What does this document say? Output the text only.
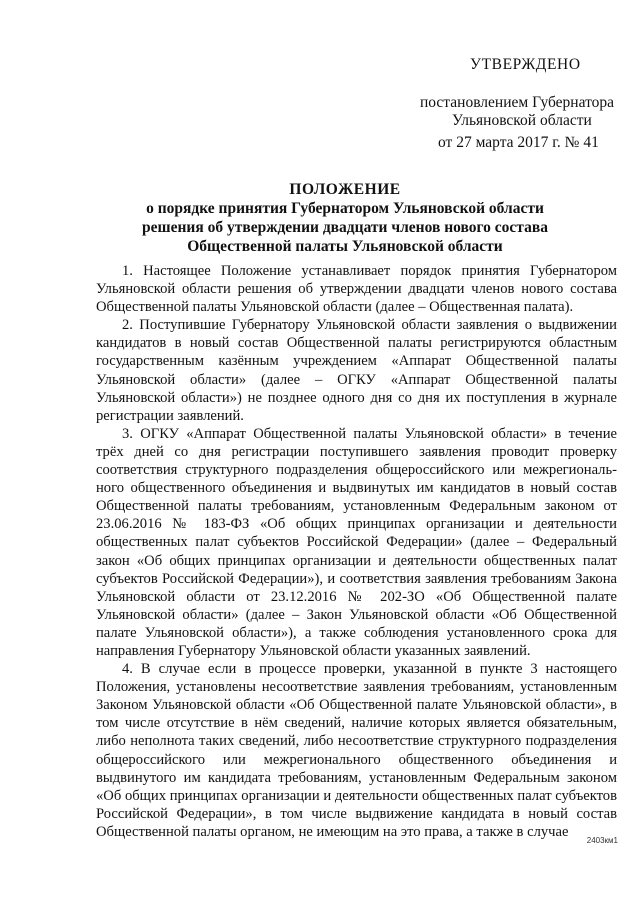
УТВЕРЖДЕНО
постановлением Губернатора
Ульяновской области
от 27 марта 2017 г. № 41

ПОЛОЖЕНИЕ

о порядке принятия Губернатором Ульяновской области

решения об утверждении двадцати членов нового состава

Общественной палаты Ульяновской области

1. Настоящее Положение устанавливает порядок принятия Губернатором Ульяновской области решения об утверждении двадцати членов нового состава Общественной палаты Ульяновской области (далее – Общественная палата).

2. Поступившие Губернатору Ульяновской области заявления о выдвижении кандидатов в новый состав Общественной палаты регистрируются областным государственным казённым учреждением «Аппарат Общественной палаты Ульяновской области» (далее – ОГКУ «Аппарат Общественной палаты Ульяновской области») не позднее одного дня со дня их поступления в журнале регистрации заявлений.

3. ОГКУ «Аппарат Общественной палаты Ульяновской области» в течение трёх дней со дня регистрации поступившего заявления проводит проверку соответствия структурного подразделения общероссийского или межрегионального общественного объединения и выдвинутых им кандидатов в новый состав Общественной палаты требованиям, установленным Федеральным законом от 23.06.2016 № 183-ФЗ «Об общих принципах организации и деятельности общественных палат субъектов Российской Федерации» (далее – Федеральный закон «Об общих принципах организации и деятельности общественных палат субъектов Российской Федерации»), и соответствия заявления требованиям Закона Ульяновской области от 23.12.2016 № 202-ЗО «Об Общественной палате Ульяновской области» (далее – Закон Ульяновской области «Об Общественной палате Ульяновской области»), а также соблюдения установленного срока для направления Губернатору Ульяновской области указанных заявлений.

4. В случае если в процессе проверки, указанной в пункте 3 настоящего Положения, установлены несоответствие заявления требованиям, установленным Законом Ульяновской области «Об Общественной палате Ульяновской области», в том числе отсутствие в нём сведений, наличие которых является обязательным, либо неполнота таких сведений, либо несоответствие структурного подразделения общероссийского или межрегионального общественного объединения и выдвинутого им кандидата требованиям, установленным Федеральным законом «Об общих принципах организации и деятельности общественных палат субъектов Российской Федерации», в том числе выдвижение кандидата в новый состав Общественной палаты органом, не имеющим на это права, а также в случае

2403км1
